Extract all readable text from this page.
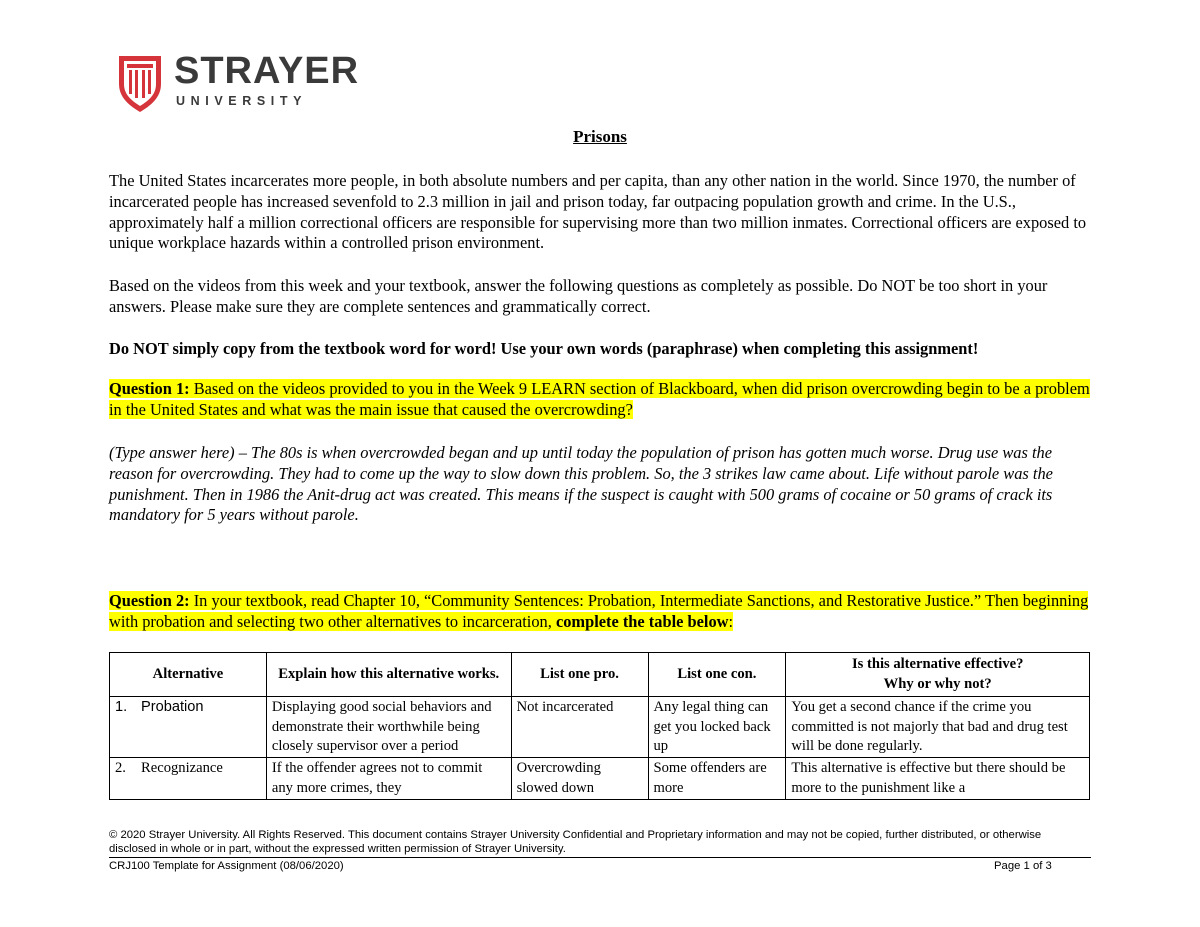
STRAYER
UNIVERSITY
Prisons
The United States incarcerates more people, in both absolute numbers and per capita, than any other nation in the world. Since 1970, the number of incarcerated people has increased sevenfold to 2.3 million in jail and prison today, far outpacing population growth and crime. In the U.S., approximately half a million correctional officers are responsible for supervising more than two million inmates. Correctional officers are exposed to unique workplace hazards within a controlled prison environment.
Based on the videos from this week and your textbook, answer the following questions as completely as possible. Do NOT be too short in your answers. Please make sure they are complete sentences and grammatically correct.
Do NOT simply copy from the textbook word for word! Use your own words (paraphrase) when completing this assignment!
Question 1: Based on the videos provided to you in the Week 9 LEARN section of Blackboard, when did prison overcrowding begin to be a problem in the United States and what was the main issue that caused the overcrowding?
(Type answer here) – The 80s is when overcrowded began and up until today the population of prison has gotten much worse. Drug use was the reason for overcrowding. They had to come up the way to slow down this problem. So, the 3 strikes law came about. Life without parole was the punishment. Then in 1986 the Anit-drug act was created. This means if the suspect is caught with 500 grams of cocaine or 50 grams of crack its mandatory for 5 years without parole.
Question 2: In your textbook, read Chapter 10, “Community Sentences: Probation, Intermediate Sanctions, and Restorative Justice.” Then beginning with probation and selecting two other alternatives to incarceration, complete the table below:
Alternative	Explain how this alternative works.	List one pro.	List one con.	Is this alternative effective?
Why or why not?

1. Probation	Displaying good social behaviors and demonstrate their worthwhile being closely supervisor over a period	Not incarcerated	Any legal thing can get you locked back up	You get a second chance if the crime you committed is not majorly that bad and drug test will be done regularly.
2. Recognizance	If the offender agrees not to commit any more crimes, they	Overcrowding slowed down	Some offenders are more	This alternative is effective but there should be more to the punishment like a
© 2020 Strayer University. All Rights Reserved. This document contains Strayer University Confidential and Proprietary information and may not be copied, further distributed, or otherwise disclosed in whole or in part, without the expressed written permission of Strayer University.
CRJ100 Template for Assignment (08/06/2020)	Page 1 of 3
